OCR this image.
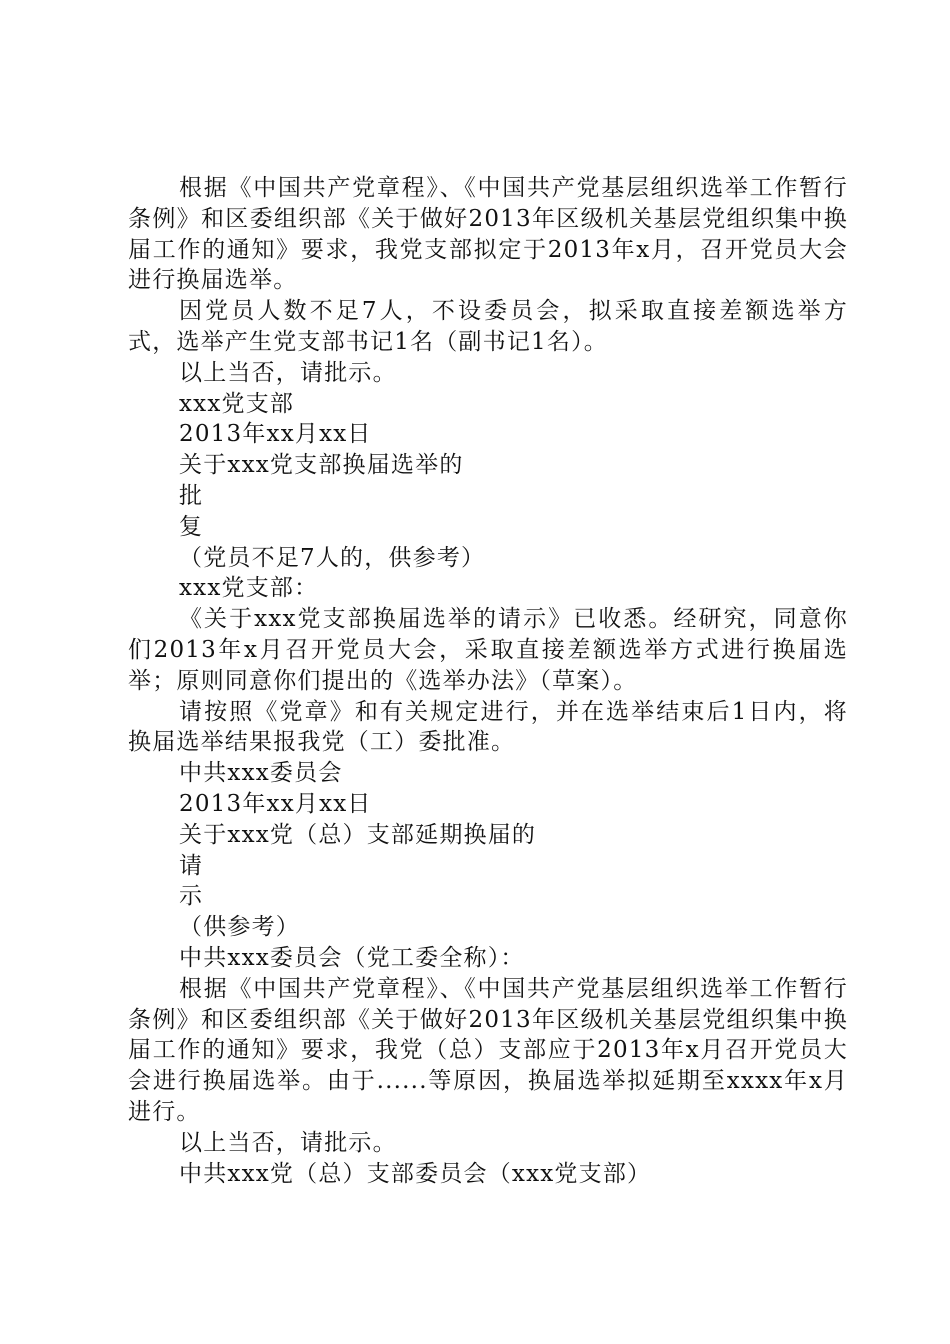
根据《中国共产党章程》、《中国共产党基层组织选举工作暂行条例》和区委组织部《关于做好2013年区级机关基层党组织集中换届工作的通知》要求，我党支部拟定于2013年x月，召开党员大会进行换届选举。

因党员人数不足7人，不设委员会，拟采取直接差额选举方式，选举产生党支部书记1名（副书记1名）。

以上当否，请批示。

xxx党支部

2013年xx月xx日

关于xxx党支部换届选举的

批

复

（党员不足7人的，供参考）

xxx党支部：

《关于xxx党支部换届选举的请示》已收悉。经研究，同意你们2013年x月召开党员大会，采取直接差额选举方式进行换届选举；原则同意你们提出的《选举办法》（草案）。

请按照《党章》和有关规定进行，并在选举结束后1日内，将换届选举结果报我党（工）委批准。

中共xxx委员会

2013年xx月xx日

关于xxx党（总）支部延期换届的

请

示

（供参考）

中共xxx委员会（党工委全称）：

根据《中国共产党章程》、《中国共产党基层组织选举工作暂行条例》和区委组织部《关于做好2013年区级机关基层党组织集中换届工作的通知》要求，我党（总）支部应于2013年x月召开党员大会进行换届选举。由于......等原因，换届选举拟延期至xxxx年x月进行。

以上当否，请批示。

中共xxx党（总）支部委员会（xxx党支部）
